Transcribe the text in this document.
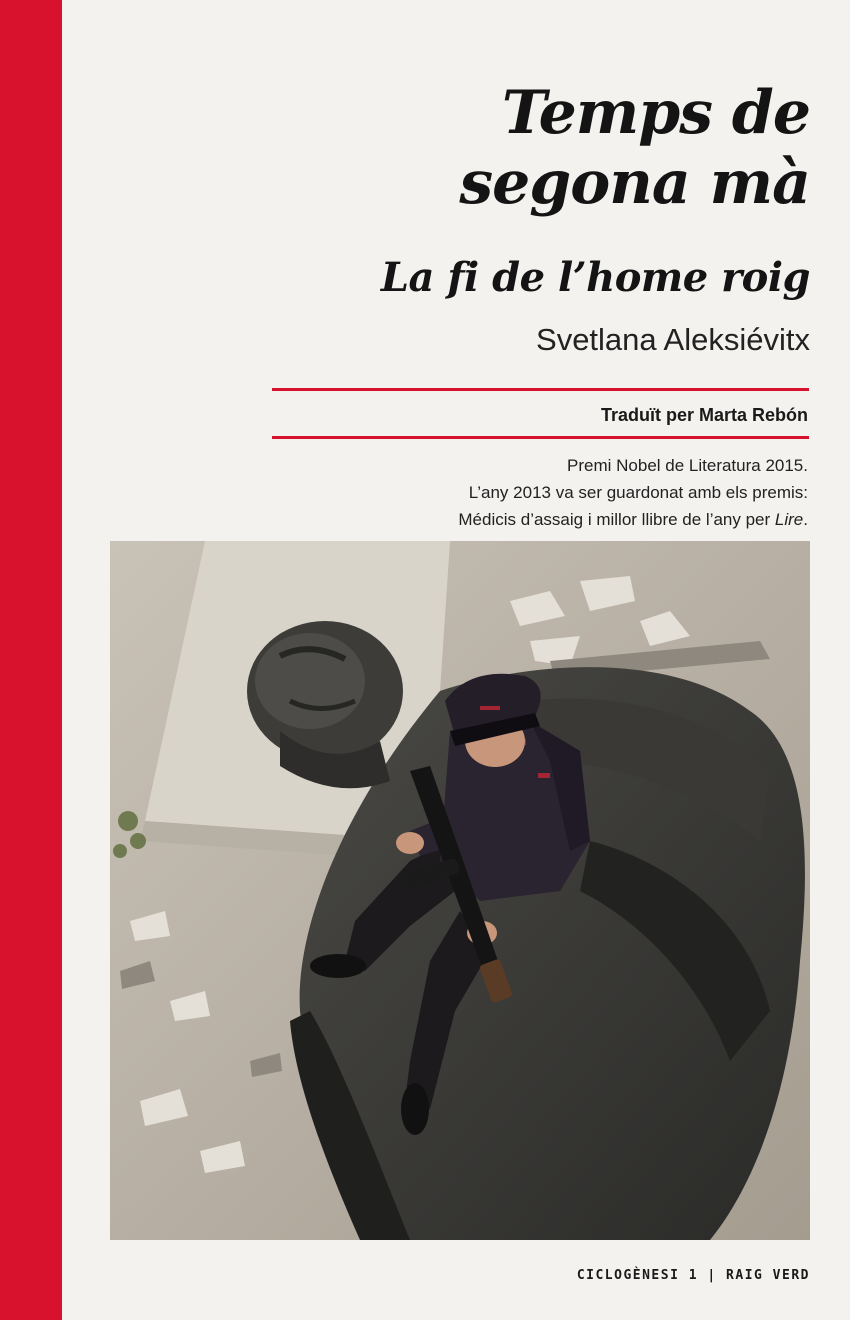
Temps de
segona mà
La fi de l’home roig
Svetlana Aleksiévitx
Traduït per Marta Rebón
Premi Nobel de Literatura 2015.
L’any 2013 va ser guardonat amb els premis:
Médicis d’assaig i millor llibre de l’any per Lire.
CICLOGÈNESI 1 | RAIG VERD
